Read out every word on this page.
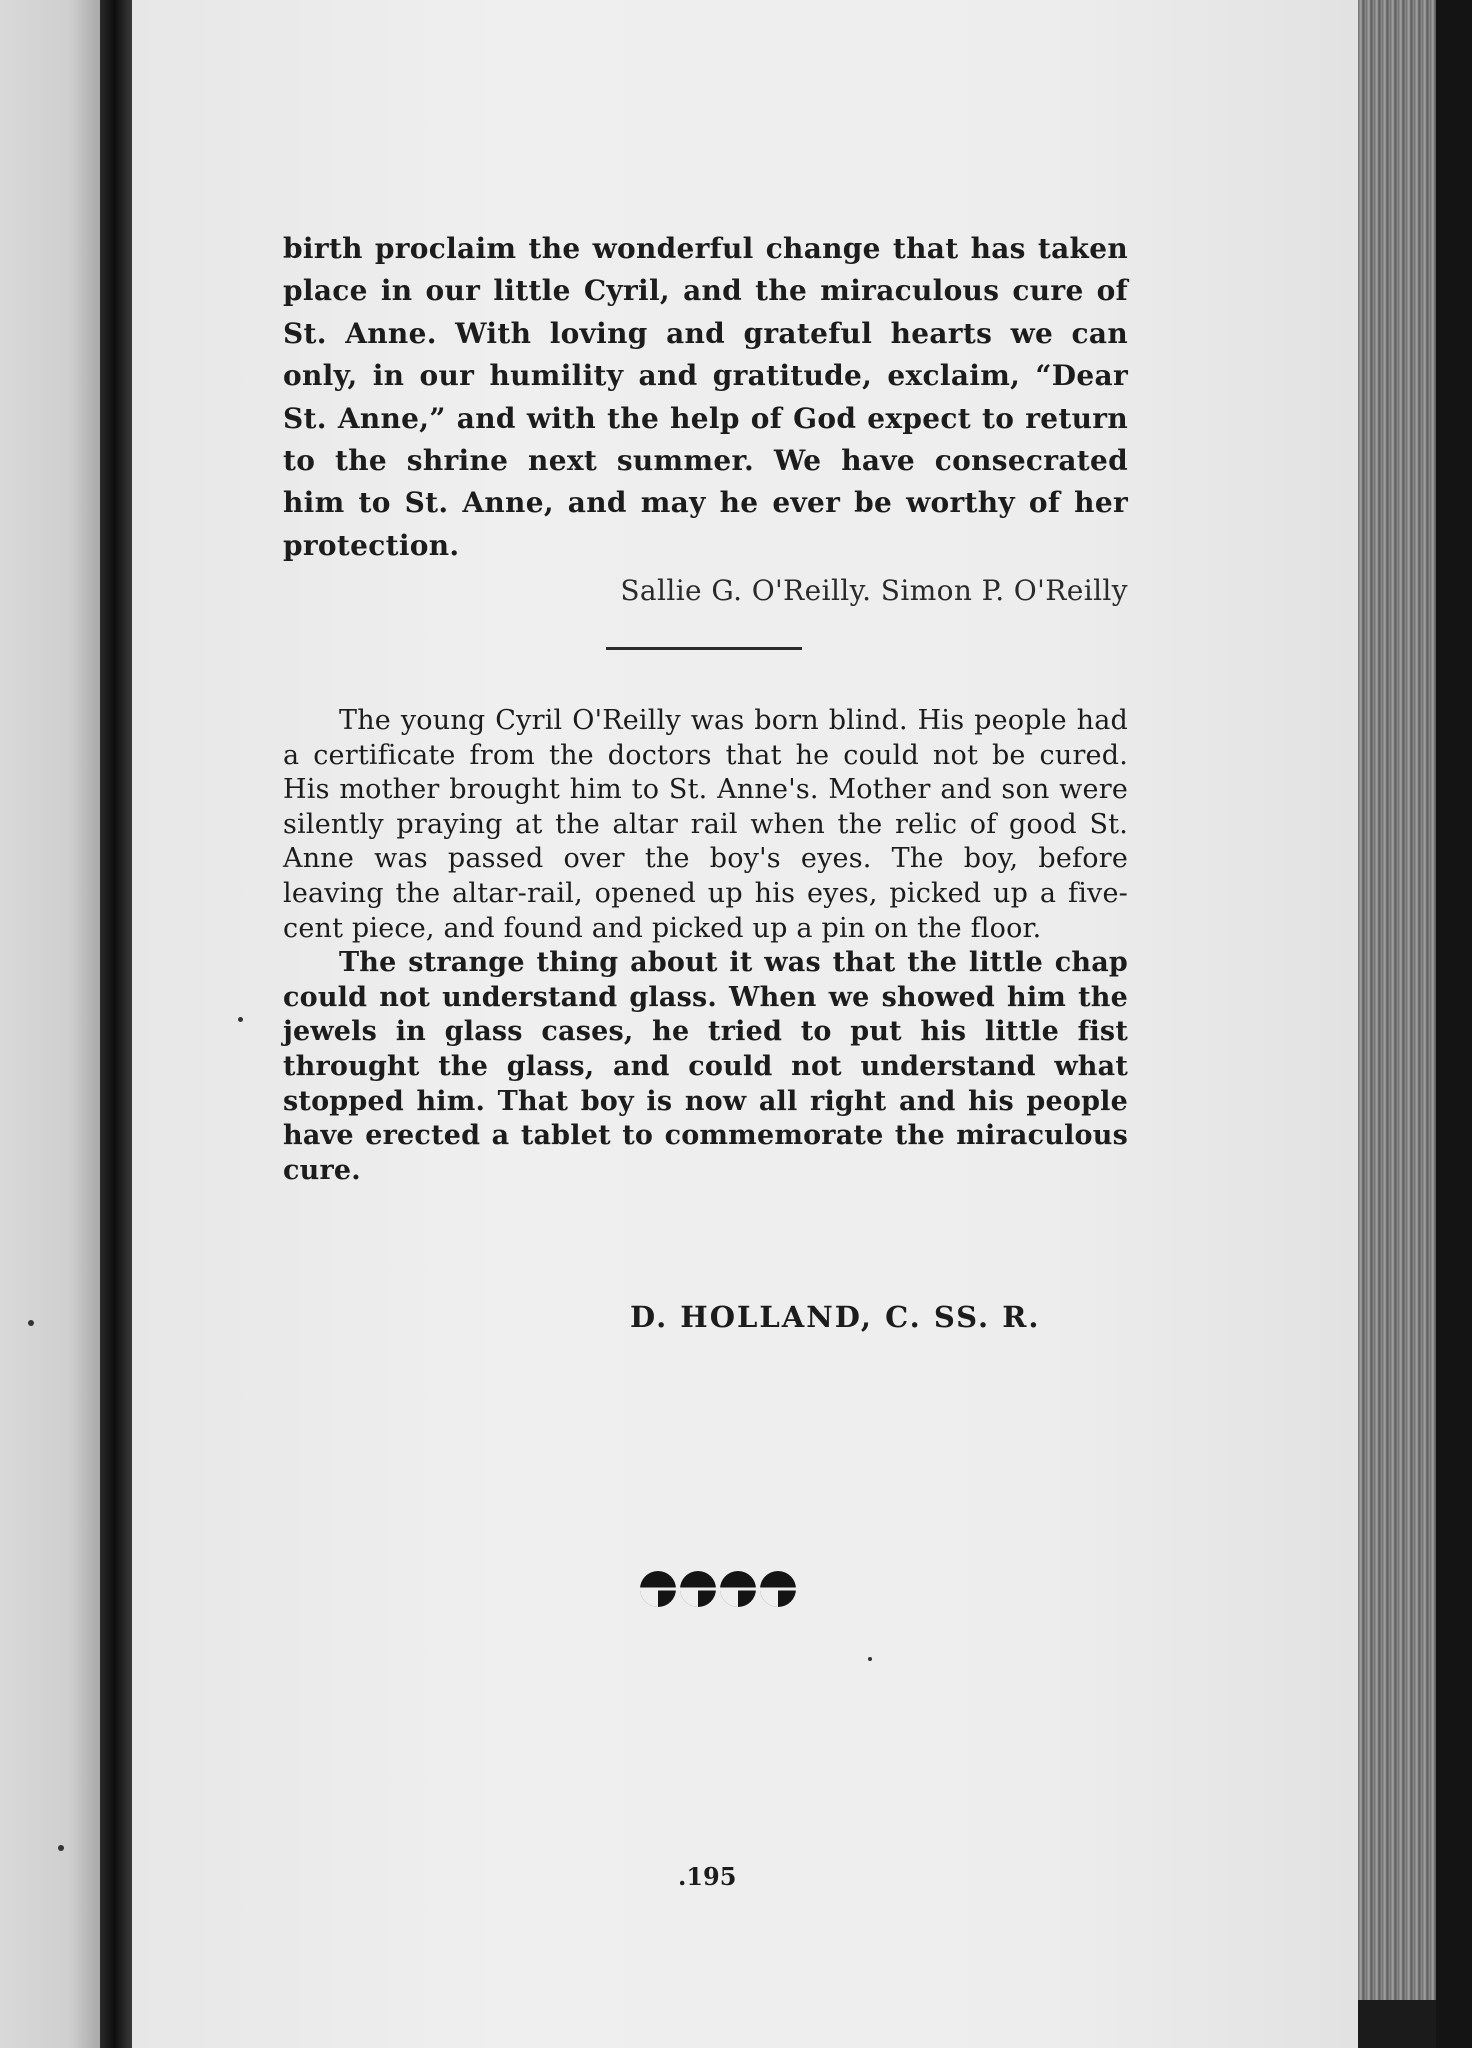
birth proclaim the wonderful change that has taken place in our little Cyril, and the miraculous cure of St. Anne. With loving and grateful hearts we can only, in our humility and gratitude, exclaim, “Dear St. Anne,” and with the help of God expect to return to the shrine next summer. We have consecrated him to St. Anne, and may he ever be worthy of her protection.

Sallie G. O'Reilly. Simon P. O'Reilly

The young Cyril O'Reilly was born blind. His people had a certificate from the doctors that he could not be cured. His mother brought him to St. Anne's. Mother and son were silently praying at the altar rail when the relic of good St. Anne was passed over the boy's eyes. The boy, before leaving the altar-rail, opened up his eyes, picked up a five-cent piece, and found and picked up a pin on the floor.

The strange thing about it was that the little chap could not understand glass. When we showed him the jewels in glass cases, he tried to put his little fist throught the glass, and could not understand what stopped him. That boy is now all right and his people have erected a tablet to commemorate the miraculous cure.

D. HOLLAND, C. SS. R.
.195
